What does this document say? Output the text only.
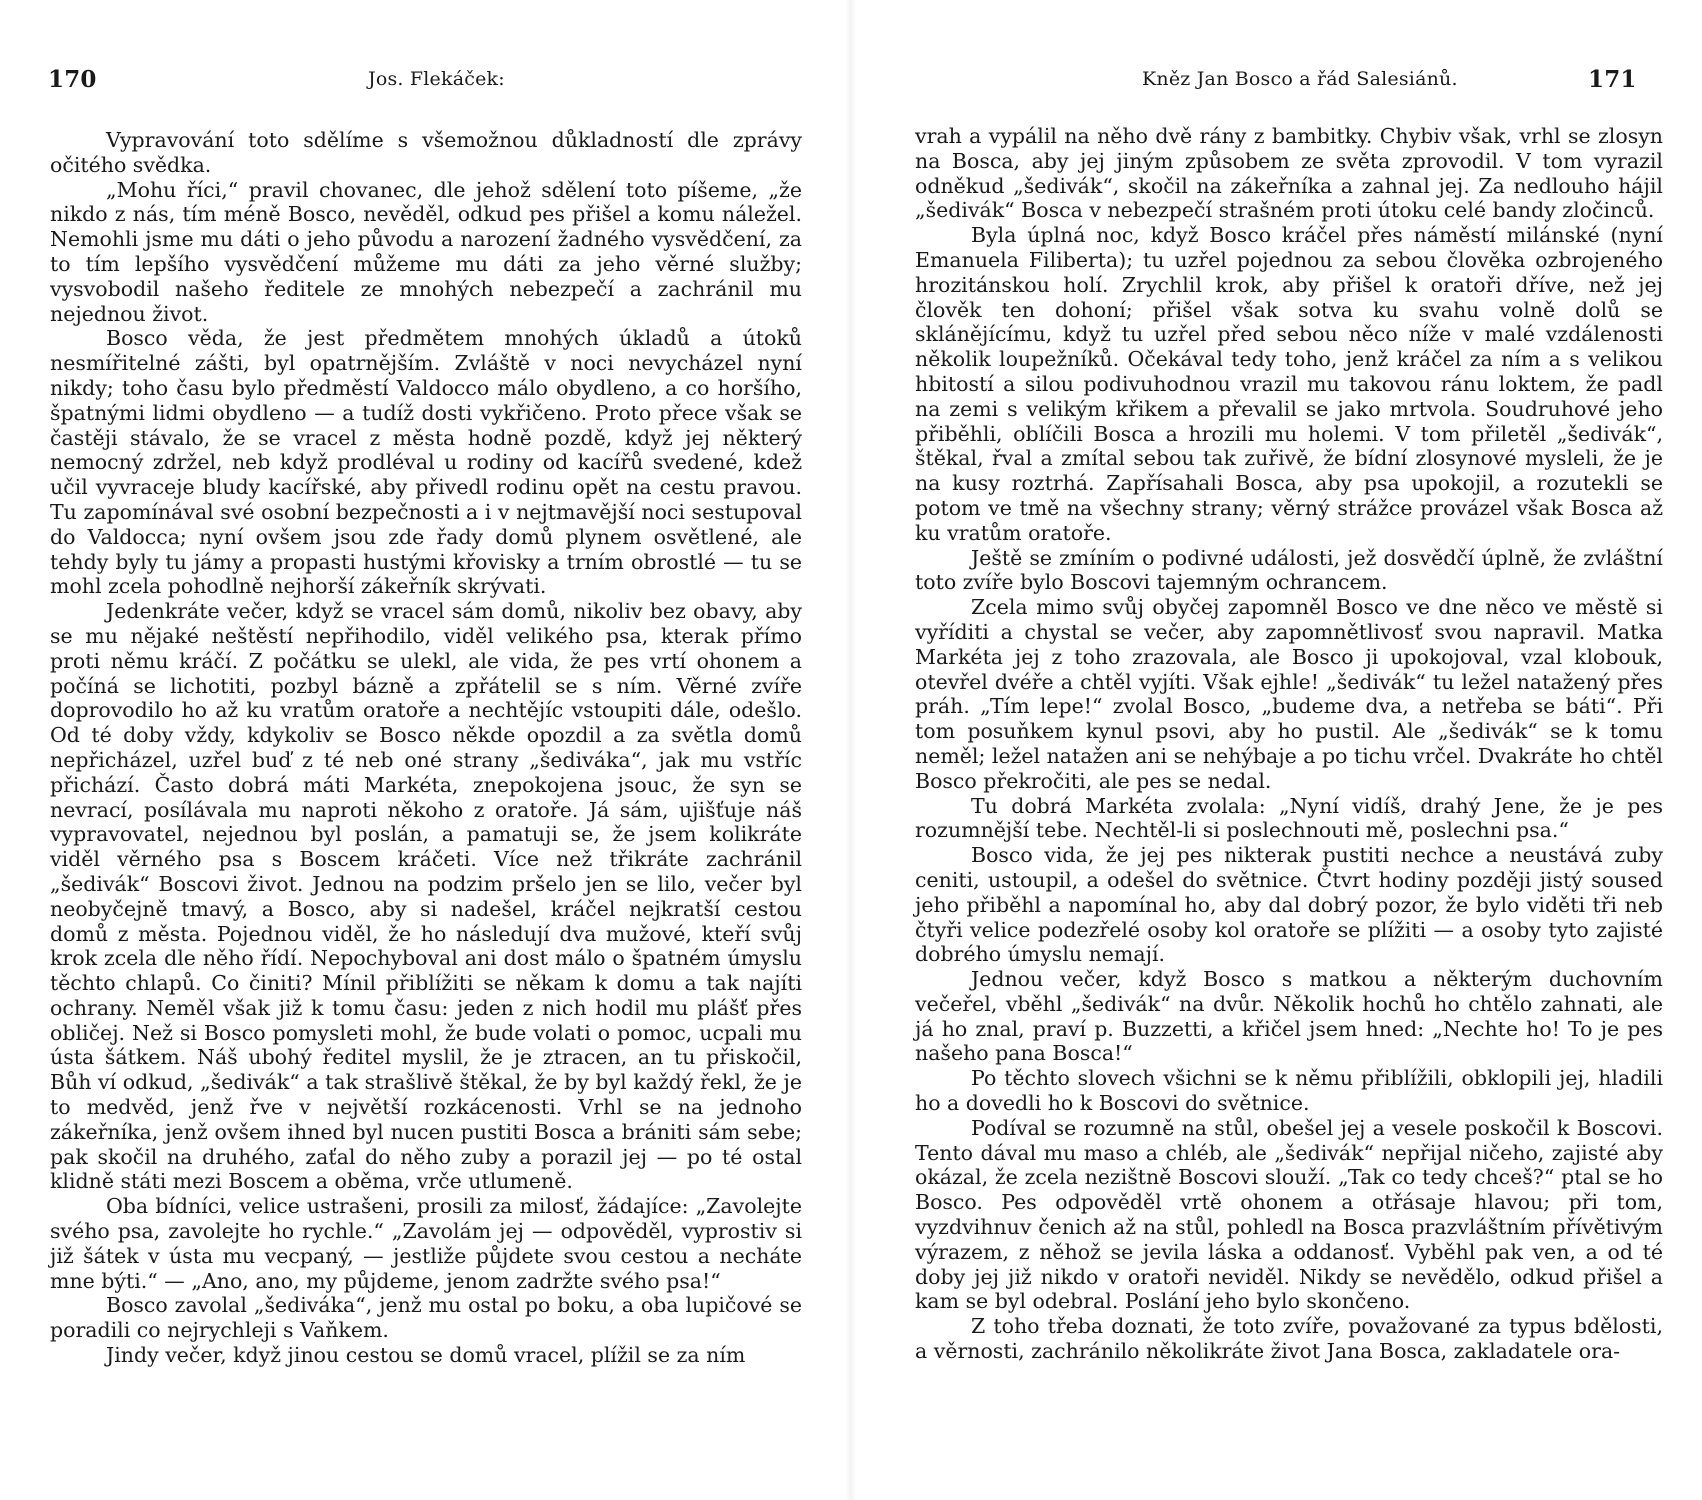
170	Jos. Flekáček:

Vypravování toto sdělíme s všemožnou důkladností dle zprávy očitého svědka.

„Mohu říci,“ pravil chovanec, dle jehož sdělení toto píšeme, „že nikdo z nás, tím méně Bosco, nevěděl, odkud pes přišel a komu náležel. Nemohli jsme mu dáti o jeho původu a narození žadného vysvědčení, za to tím lepšího vysvědčení můžeme mu dáti za jeho věrné služby; vysvobodil našeho ředitele ze mnohých nebezpečí a zachránil mu nejednou život.

Bosco věda, že jest předmětem mnohých úkladů a útoků nesmířitelné zášti, byl opatrnějším. Zvláště v noci nevycházel nyní nikdy; toho času bylo předměstí Valdocco málo obydleno, a co horšího, špatnými lidmi obydleno — a tudíž dosti vykřičeno. Proto přece však se častěji stávalo, že se vracel z města hodně pozdě, když jej některý nemocný zdržel, neb když prodléval u rodiny od kacířů svedené, kdež učil vyvraceje bludy kacířské, aby přivedl rodinu opět na cestu pravou. Tu zapomínával své osobní bezpečnosti a i v nejtmavější noci sestupoval do Valdocca; nyní ovšem jsou zde řady domů plynem osvětlené, ale tehdy byly tu jámy a propasti hustými křovisky a trním obrostlé — tu se mohl zcela pohodlně nejhorší zákeřník skrývati.

Jedenkráte večer, když se vracel sám domů, nikoliv bez obavy, aby se mu nějaké neštěstí nepřihodilo, viděl velikého psa, kterak přímo proti němu kráčí. Z počátku se ulekl, ale vida, že pes vrtí ohonem a počíná se lichotiti, pozbyl bázně a zpřátelil se s ním. Věrné zvíře doprovodilo ho až ku vratům oratoře a nechtějíc vstoupiti dále, odešlo. Od té doby vždy, kdykoliv se Bosco někde opozdil a za světla domů nepřicházel, uzřel buď z té neb oné strany „šediváka“, jak mu vstříc přichází. Často dobrá máti Markéta, znepokojena jsouc, že syn se nevrací, posílávala mu naproti někoho z oratoře. Já sám, ujišťuje náš vypravovatel, nejednou byl poslán, a pamatuji se, že jsem kolikráte viděl věrného psa s Boscem kráčeti. Více než třikráte zachránil „šedivák“ Boscovi život. Jednou na podzim pršelo jen se lilo, večer byl neobyčejně tmavý, a Bosco, aby si nadešel, kráčel nejkratší cestou domů z města. Pojednou viděl, že ho následují dva mužové, kteří svůj krok zcela dle něho řídí. Nepochyboval ani dost málo o špatném úmyslu těchto chlapů. Co činiti? Mínil přiblížiti se někam k domu a tak najíti ochrany. Neměl však již k tomu času: jeden z nich hodil mu plášť přes obličej. Než si Bosco pomysleti mohl, že bude volati o pomoc, ucpali mu ústa šátkem. Náš ubohý ředitel myslil, že je ztracen, an tu přiskočil, Bůh ví odkud, „šedivák“ a tak strašlivě štěkal, že by byl každý řekl, že je to medvěd, jenž řve v největší rozkácenosti. Vrhl se na jednoho zákeřníka, jenž ovšem ihned byl nucen pustiti Bosca a brániti sám sebe; pak skočil na druhého, zaťal do něho zuby a porazil jej — po té ostal klidně státi mezi Boscem a oběma, vrče utlumeně.

Oba bídníci, velice ustrašeni, prosili za milosť, žádajíce: „Zavolejte svého psa, zavolejte ho rychle.“ „Zavolám jej — odpověděl, vyprostiv si již šátek v ústa mu vecpaný, — jestliže půjdete svou cestou a necháte mne býti.“ — „Ano, ano, my půjdeme, jenom zadržte svého psa!“

Bosco zavolal „šediváka“, jenž mu ostal po boku, a oba lupičové se poradili co nejrychleji s Vaňkem.

Jindy večer, když jinou cestou se domů vracel, plížil se za ním

Kněz Jan Bosco a řád Salesiánů.	171

vrah a vypálil na něho dvě rány z bambitky. Chybiv však, vrhl se zlosyn na Bosca, aby jej jiným způsobem ze světa zprovodil. V tom vyrazil odněkud „šedivák“, skočil na zákeřníka a zahnal jej. Za nedlouho hájil „šedivák“ Bosca v nebezpečí strašném proti útoku celé bandy zločinců.

Byla úplná noc, když Bosco kráčel přes náměstí milánské (nyní Emanuela Filiberta); tu uzřel pojednou za sebou člověka ozbrojeného hrozitánskou holí. Zrychlil krok, aby přišel k oratoři dříve, než jej člověk ten dohoní; přišel však sotva ku svahu volně dolů se sklánějícímu, když tu uzřel před sebou něco níže v malé vzdálenosti několik loupežníků. Očekával tedy toho, jenž kráčel za ním a s velikou hbitostí a silou podivuhodnou vrazil mu takovou ránu loktem, že padl na zemi s velikým křikem a převalil se jako mrtvola. Soudruhové jeho přiběhli, oblíčili Bosca a hrozili mu holemi. V tom přiletěl „šedivák“, štěkal, řval a zmítal sebou tak zuřivě, že bídní zlosynové mysleli, že je na kusy roztrhá. Zapřísahali Bosca, aby psa upokojil, a rozutekli se potom ve tmě na všechny strany; věrný strážce provázel však Bosca až ku vratům oratoře.

Ještě se zmíním o podivné události, jež dosvědčí úplně, že zvláštní toto zvíře bylo Boscovi tajemným ochrancem.

Zcela mimo svůj obyčej zapomněl Bosco ve dne něco ve městě si vyříditi a chystal se večer, aby zapomnětlivosť svou napravil. Matka Markéta jej z toho zrazovala, ale Bosco ji upokojoval, vzal klobouk, otevřel dvéře a chtěl vyjíti. Však ejhle! „šedivák“ tu ležel natažený přes práh. „Tím lepe!“ zvolal Bosco, „budeme dva, a netřeba se báti“. Při tom posuňkem kynul psovi, aby ho pustil. Ale „šedivák“ se k tomu neměl; ležel natažen ani se nehýbaje a po tichu vrčel. Dvakráte ho chtěl Bosco překročiti, ale pes se nedal.

Tu dobrá Markéta zvolala: „Nyní vidíš, drahý Jene, že je pes rozumnější tebe. Nechtěl-li si poslechnouti mě, poslechni psa.“

Bosco vida, že jej pes nikterak pustiti nechce a neustává zuby ceniti, ustoupil, a odešel do světnice. Čtvrt hodiny později jistý soused jeho přiběhl a napomínal ho, aby dal dobrý pozor, že bylo viděti tři neb čtyři velice podezřelé osoby kol oratoře se plížiti — a osoby tyto zajisté dobrého úmyslu nemají.

Jednou večer, když Bosco s matkou a některým duchovním večeřel, vběhl „šedivák“ na dvůr. Několik hochů ho chtělo zahnati, ale já ho znal, praví p. Buzzetti, a křičel jsem hned: „Nechte ho! To je pes našeho pana Bosca!“

Po těchto slovech všichni se k němu přiblížili, obklopili jej, hladili ho a dovedli ho k Boscovi do světnice.

Podíval se rozumně na stůl, obešel jej a vesele poskočil k Boscovi. Tento dával mu maso a chléb, ale „šedivák“ nepřijal ničeho, zajisté aby okázal, že zcela nezištně Boscovi slouží. „Tak co tedy chceš?“ ptal se ho Bosco. Pes odpověděl vrtě ohonem a otřásaje hlavou; při tom, vyzdvihnuv čenich až na stůl, pohledl na Bosca prazvláštním přívětivým výrazem, z něhož se jevila láska a oddanosť. Vyběhl pak ven, a od té doby jej již nikdo v oratoři neviděl. Nikdy se nevědělo, odkud přišel a kam se byl odebral. Poslání jeho bylo skončeno.

Z toho třeba doznati, že toto zvíře, považované za typus bdělosti, a věrnosti, zachránilo několikráte život Jana Bosca, zakladatele ora-
